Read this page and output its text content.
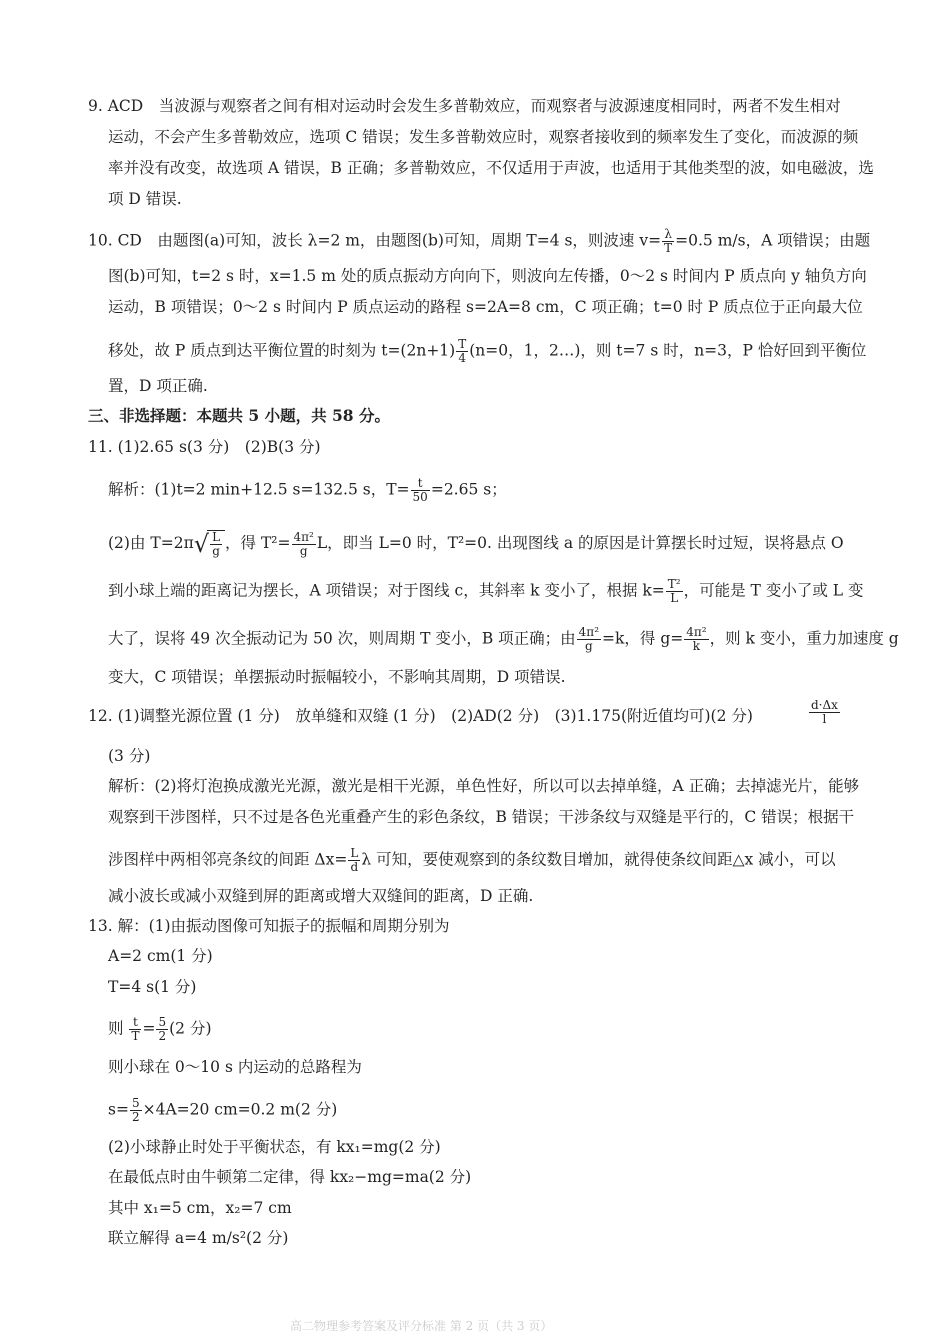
9. ACD　当波源与观察者之间有相对运动时会发生多普勒效应，而观察者与波源速度相同时，两者不发生相对
运动，不会产生多普勒效应，选项 C 错误；发生多普勒效应时，观察者接收到的频率发生了变化，而波源的频
率并没有改变，故选项 A 错误，B 正确；多普勒效应，不仅适用于声波，也适用于其他类型的波，如电磁波，选
项 D 错误.
10. CD　由题图(a)可知，波长 λ=2 m，由题图(b)可知，周期 T=4 s，则波速 $v= \frac{\lambda}{T} =0.5$ m/s，A 项错误；由题
图(b)可知，t=2 s 时，x=1.5 m 处的质点振动方向向下，则波向左传播，0～2 s 时间内 P 质点向 y 轴负方向
运动，B 项错误；0～2 s 时间内 P 质点运动的路程 s=2A=8 cm，C 项正确；t=0 时 P 质点位于正向最大位
移处，故 P 质点到达平衡位置的时刻为 $t=(2n+1) \frac{T}{4} (n=0$，1，2…)，则 t=7 s 时，n=3，P 恰好回到平衡位
置，D 项正确.
三、非选择题：本题共 5 小题，共 58 分。
11. (1)2.65 s(3 分)　(2)B(3 分)
解析：(1)t=2 min+12.5 s=132.5 s，$T= \frac{t}{50} =2.65$ s；
(2)由 $T=2\pi√ \frac{L}{g}$ ，得 $T^2= \frac{\text{4π²}}{g}$ L，即当 L=0 时，T²=0. 出现图线 a 的原因是计算摆长时过短，误将悬点 O
到小球上端的距离记为摆长，A 项错误；对于图线 c，其斜率 k 变小了，根据 $k= \frac{\text{T²}}{L}$ ，可能是 T 变小了或 L 变
大了，误将 49 次全振动记为 50 次，则周期 T 变小，B 项正确；由 $\frac{\text{4π²}}{g} =k$，得 $g= \frac{\text{4π²}}{k}$ ，则 k 变小，重力加速度 g
变大，C 项错误；单摆振动时振幅较小，不影响其周期，D 项错误.
12. (1)调整光源位置 (1 分)　放单缝和双缝 (1 分)　(2)AD(2 分)　(3)1.175(附近值均可)(2 分)	$\frac{d\cdot\Delta x}{l}$
(3 分)
解析：(2)将灯泡换成激光光源，激光是相干光源，单色性好，所以可以去掉单缝，A 正确；去掉滤光片，能够
观察到干涉图样，只不过是各色光重叠产生的彩色条纹，B 错误；干涉条纹与双缝是平行的，C 错误；根据干
涉图样中两相邻亮条纹的间距 $\Delta x= \frac{L}{d}$ λ 可知，要使观察到的条纹数目增加，就得使条纹间距△x 减小，可以
减小波长或减小双缝到屏的距离或增大双缝间的距离，D 正确.
13. 解：(1)由振动图像可知振子的振幅和周期分别为
A=2 cm(1 分)
T=4 s(1 分)
则 $\frac{t}{T} = \frac{5}{2} (2$ 分)
则小球在 0～10 s 内运动的总路程为
$s= \frac{5}{2} \times 4A=20$ cm=0.2 m(2 分)
(2)小球静止时处于平衡状态，有 kx₁=mg(2 分)
在最低点时由牛顿第二定律，得 kx₂−mg=ma(2 分)
其中 x₁=5 cm，x₂=7 cm
联立解得 a=4 m/s²(2 分)
高二物理参考答案及评分标准 第 2 页（共 3 页）
